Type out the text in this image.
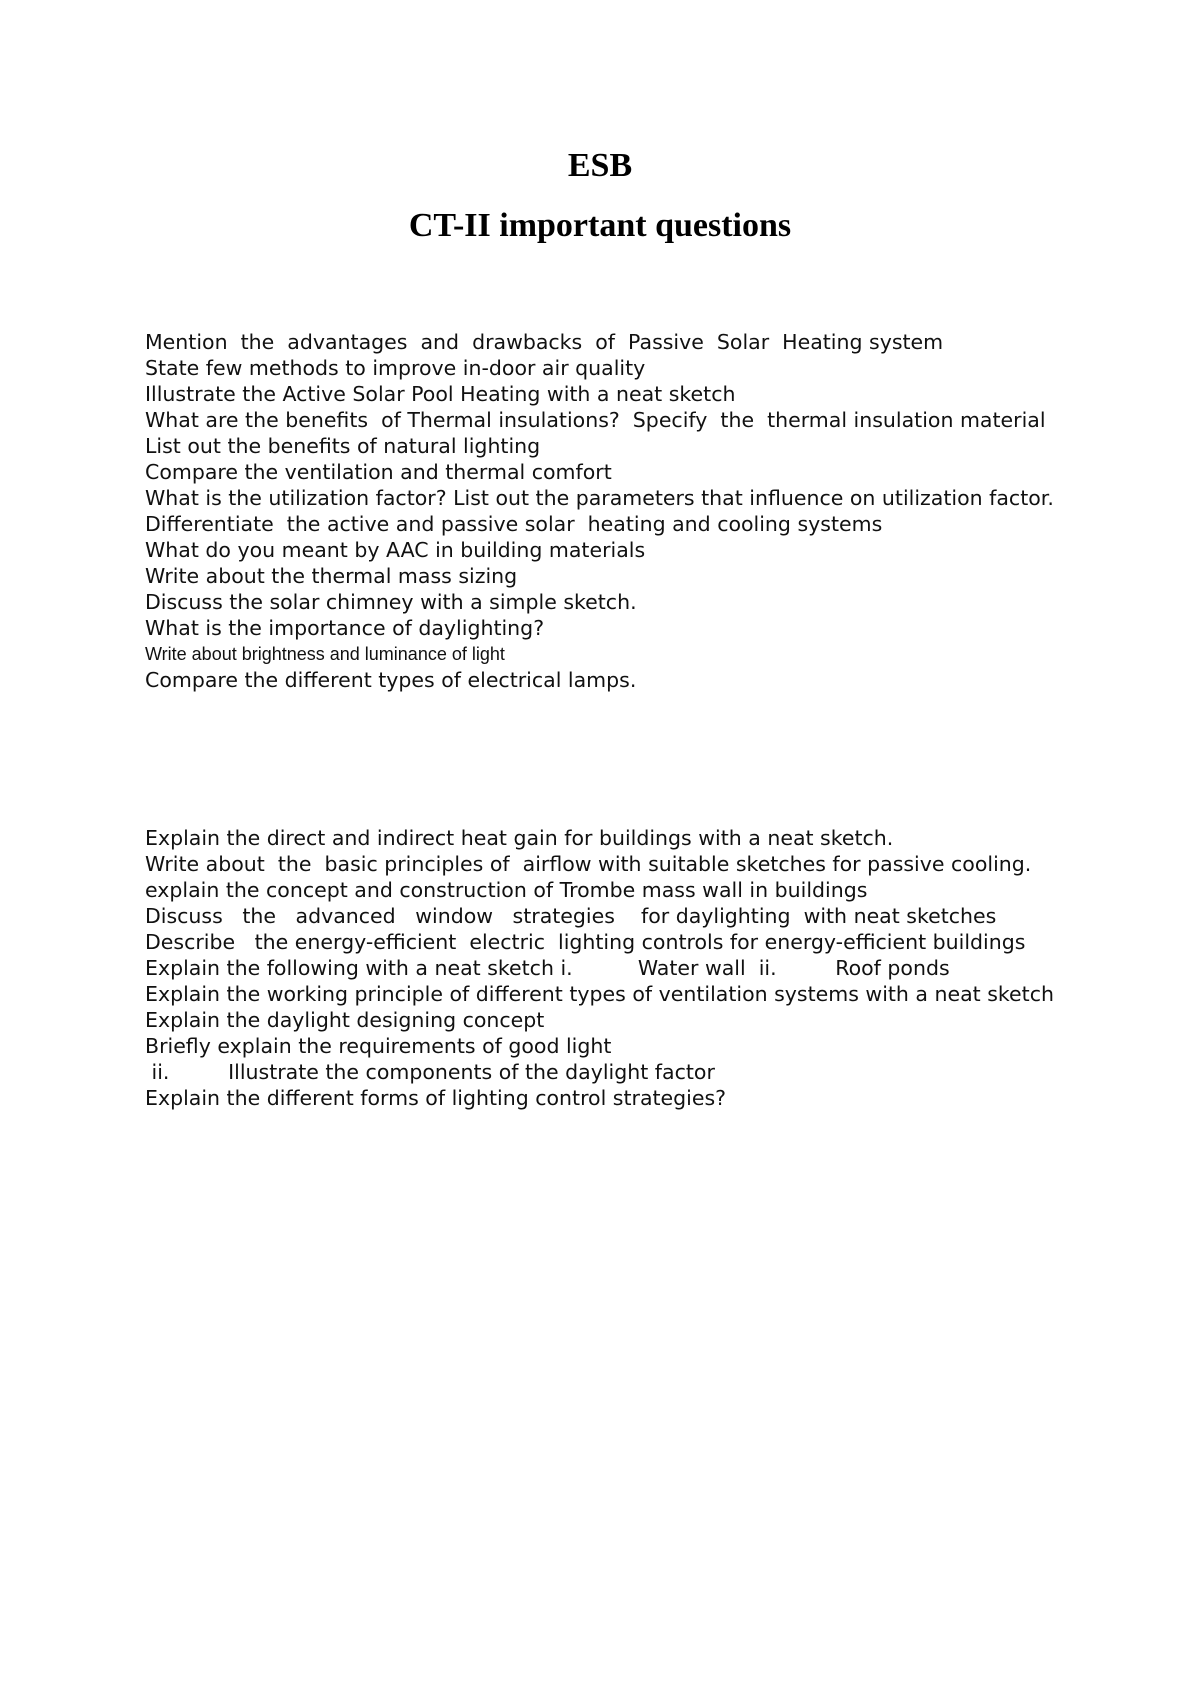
ESB
CT-II important questions

Mention  the  advantages  and  drawbacks  of  Passive  Solar  Heating system

State few methods to improve in-door air quality

Illustrate the Active Solar Pool Heating with a neat sketch

What are the benefits  of Thermal insulations?  Specify  the  thermal insulation material

List out the benefits of natural lighting

Compare the ventilation and thermal comfort

What is the utilization factor? List out the parameters that influence on utilization factor.

Differentiate  the active and passive solar  heating and cooling systems

What do you meant by AAC in building materials

Write about the thermal mass sizing

Discuss the solar chimney with a simple sketch.

What is the importance of daylighting?

Write about brightness and luminance of light

Compare the different types of electrical lamps.

Explain the direct and indirect heat gain for buildings with a neat sketch.

Write about  the  basic principles of  airflow with suitable sketches for passive cooling.

explain the concept and construction of Trombe mass wall in buildings

Discuss   the   advanced   window   strategies    for daylighting  with neat sketches

Describe   the energy-efficient  electric  lighting controls for energy-efficient buildings

Explain the following with a neat sketch i.          Water wall  ii.         Roof ponds

Explain the working principle of different types of ventilation systems with a neat sketch

Explain the daylight designing concept

Briefly explain the requirements of good light

ii.         Illustrate the components of the daylight factor

Explain the different forms of lighting control strategies?
